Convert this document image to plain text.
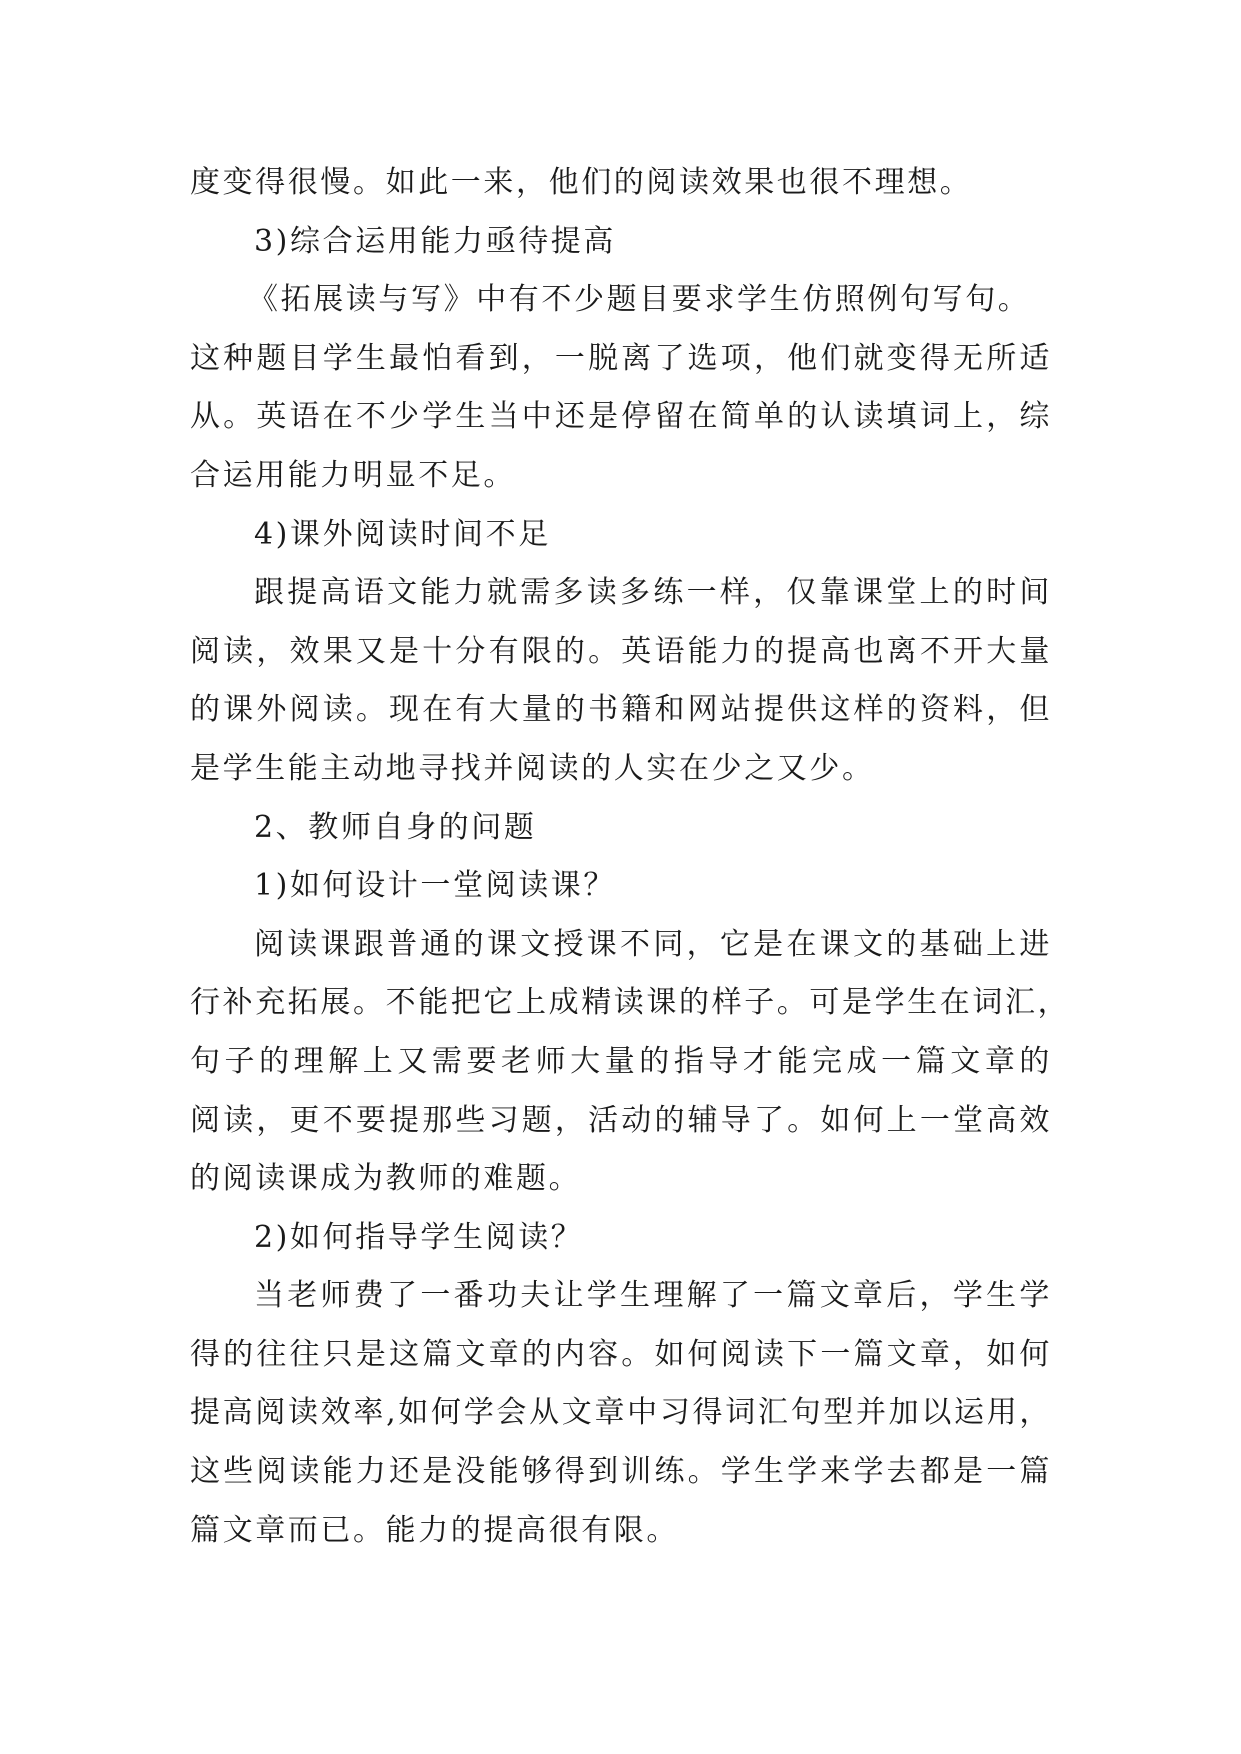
度变得很慢。如此一来，他们的阅读效果也很不理想。
3)综合运用能力亟待提高
《拓展读与写》中有不少题目要求学生仿照例句写句。
这种题目学生最怕看到，一脱离了选项，他们就变得无所适
从。英语在不少学生当中还是停留在简单的认读填词上，综
合运用能力明显不足。
4)课外阅读时间不足
跟提高语文能力就需多读多练一样，仅靠课堂上的时间
阅读，效果又是十分有限的。英语能力的提高也离不开大量
的课外阅读。现在有大量的书籍和网站提供这样的资料，但
是学生能主动地寻找并阅读的人实在少之又少。
2、教师自身的问题
1)如何设计一堂阅读课？
阅读课跟普通的课文授课不同，它是在课文的基础上进
行补充拓展。不能把它上成精读课的样子。可是学生在词汇，
句子的理解上又需要老师大量的指导才能完成一篇文章的
阅读，更不要提那些习题，活动的辅导了。如何上一堂高效
的阅读课成为教师的难题。
2)如何指导学生阅读？
当老师费了一番功夫让学生理解了一篇文章后，学生学
得的往往只是这篇文章的内容。如何阅读下一篇文章，如何
提高阅读效率,如何学会从文章中习得词汇句型并加以运用，
这些阅读能力还是没能够得到训练。学生学来学去都是一篇
篇文章而已。能力的提高很有限。
